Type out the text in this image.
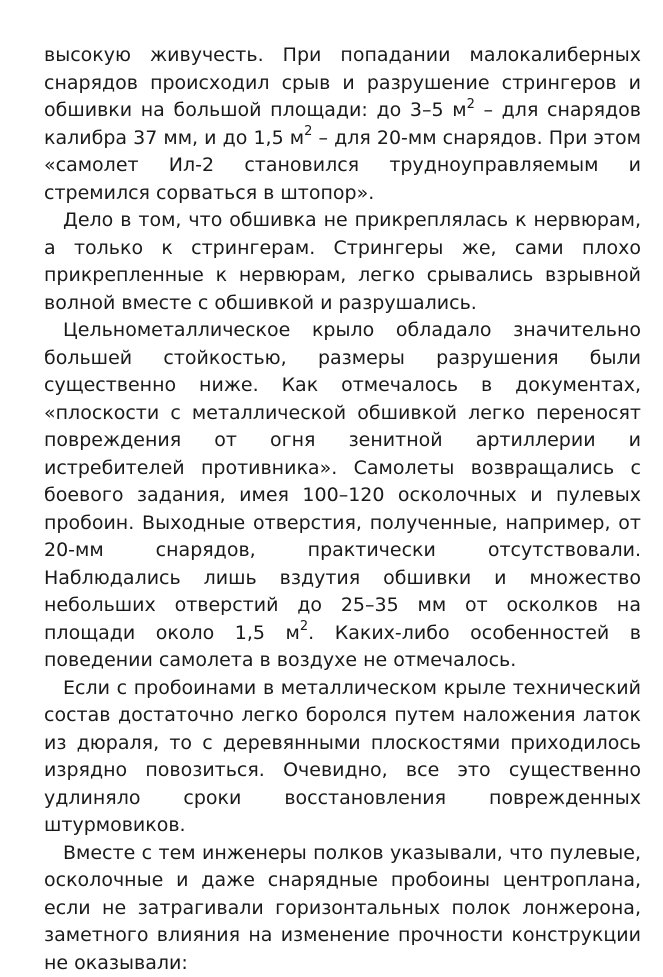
высокую живучесть. При попадании малокалиберных снарядов происходил срыв и разрушение стрингеров и обшивки на большой площади: до 3–5 $м^2$ – для снарядов калибра 37 мм, и до 1,5 $м^2$ – для 20-мм снарядов. При этом «самолет Ил-2 становился трудноуправляемым и стремился сорваться в штопор».

Дело в том, что обшивка не прикреплялась к нервюрам, а только к стрингерам. Стрингеры же, сами плохо прикрепленные к нервюрам, легко срывались взрывной волной вместе с обшивкой и разрушались.

Цельнометаллическое крыло обладало значительно большей стойкостью, размеры разрушения были существенно ниже. Как отмечалось в документах, «плоскости с металлической обшивкой легко переносят повреждения от огня зенитной артиллерии и истребителей противника». Самолеты возвращались с боевого задания, имея 100–120 осколочных и пулевых пробоин. Выходные отверстия, полученные, например, от 20-мм снарядов, практически отсутствовали. Наблюдались лишь вздутия обшивки и множество небольших отверстий до 25–35 мм от осколков на площади около 1,5 $м^2$. Каких-либо особенностей в поведении самолета в воздухе не отмечалось.

Если с пробоинами в металлическом крыле технический состав достаточно легко боролся путем наложения латок из дюраля, то с деревянными плоскостями приходилось изрядно повозиться. Очевидно, все это существенно удлиняло сроки восстановления поврежденных штурмовиков.

Вместе с тем инженеры полков указывали, что пулевые, осколочные и даже снарядные пробоины центроплана, если не затрагивали горизонтальных полок лонжерона, заметного влияния на изменение прочности конструкции не оказывали:
